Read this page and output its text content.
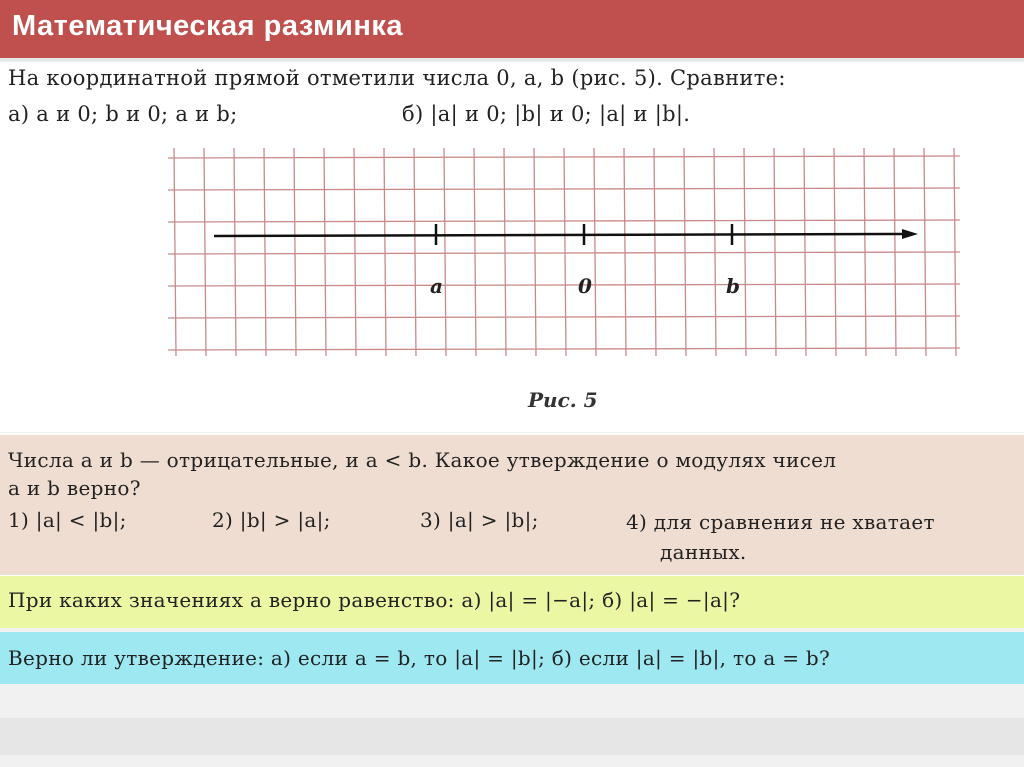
Математическая разминка
На координатной прямой отметили числа 0, a, b (рис. 5). Сравните:
а) a и 0; b и 0; a и b;	б) |a| и 0; |b| и 0; |a| и |b|.
a	0	b
Рис. 5
Числа a и b — отрицательные, и a < b. Какое утверждение о модулях чисел
a и b верно?
1) |a| < |b|;	2) |b| > |a|;	3) |a| > |b|;	4) для сравнения не хватает
данных.
При каких значениях a верно равенство: а) |a| = |−a|; б) |a| = −|a|?
Верно ли утверждение: а) если a = b, то |a| = |b|; б) если |a| = |b|, то a = b?
